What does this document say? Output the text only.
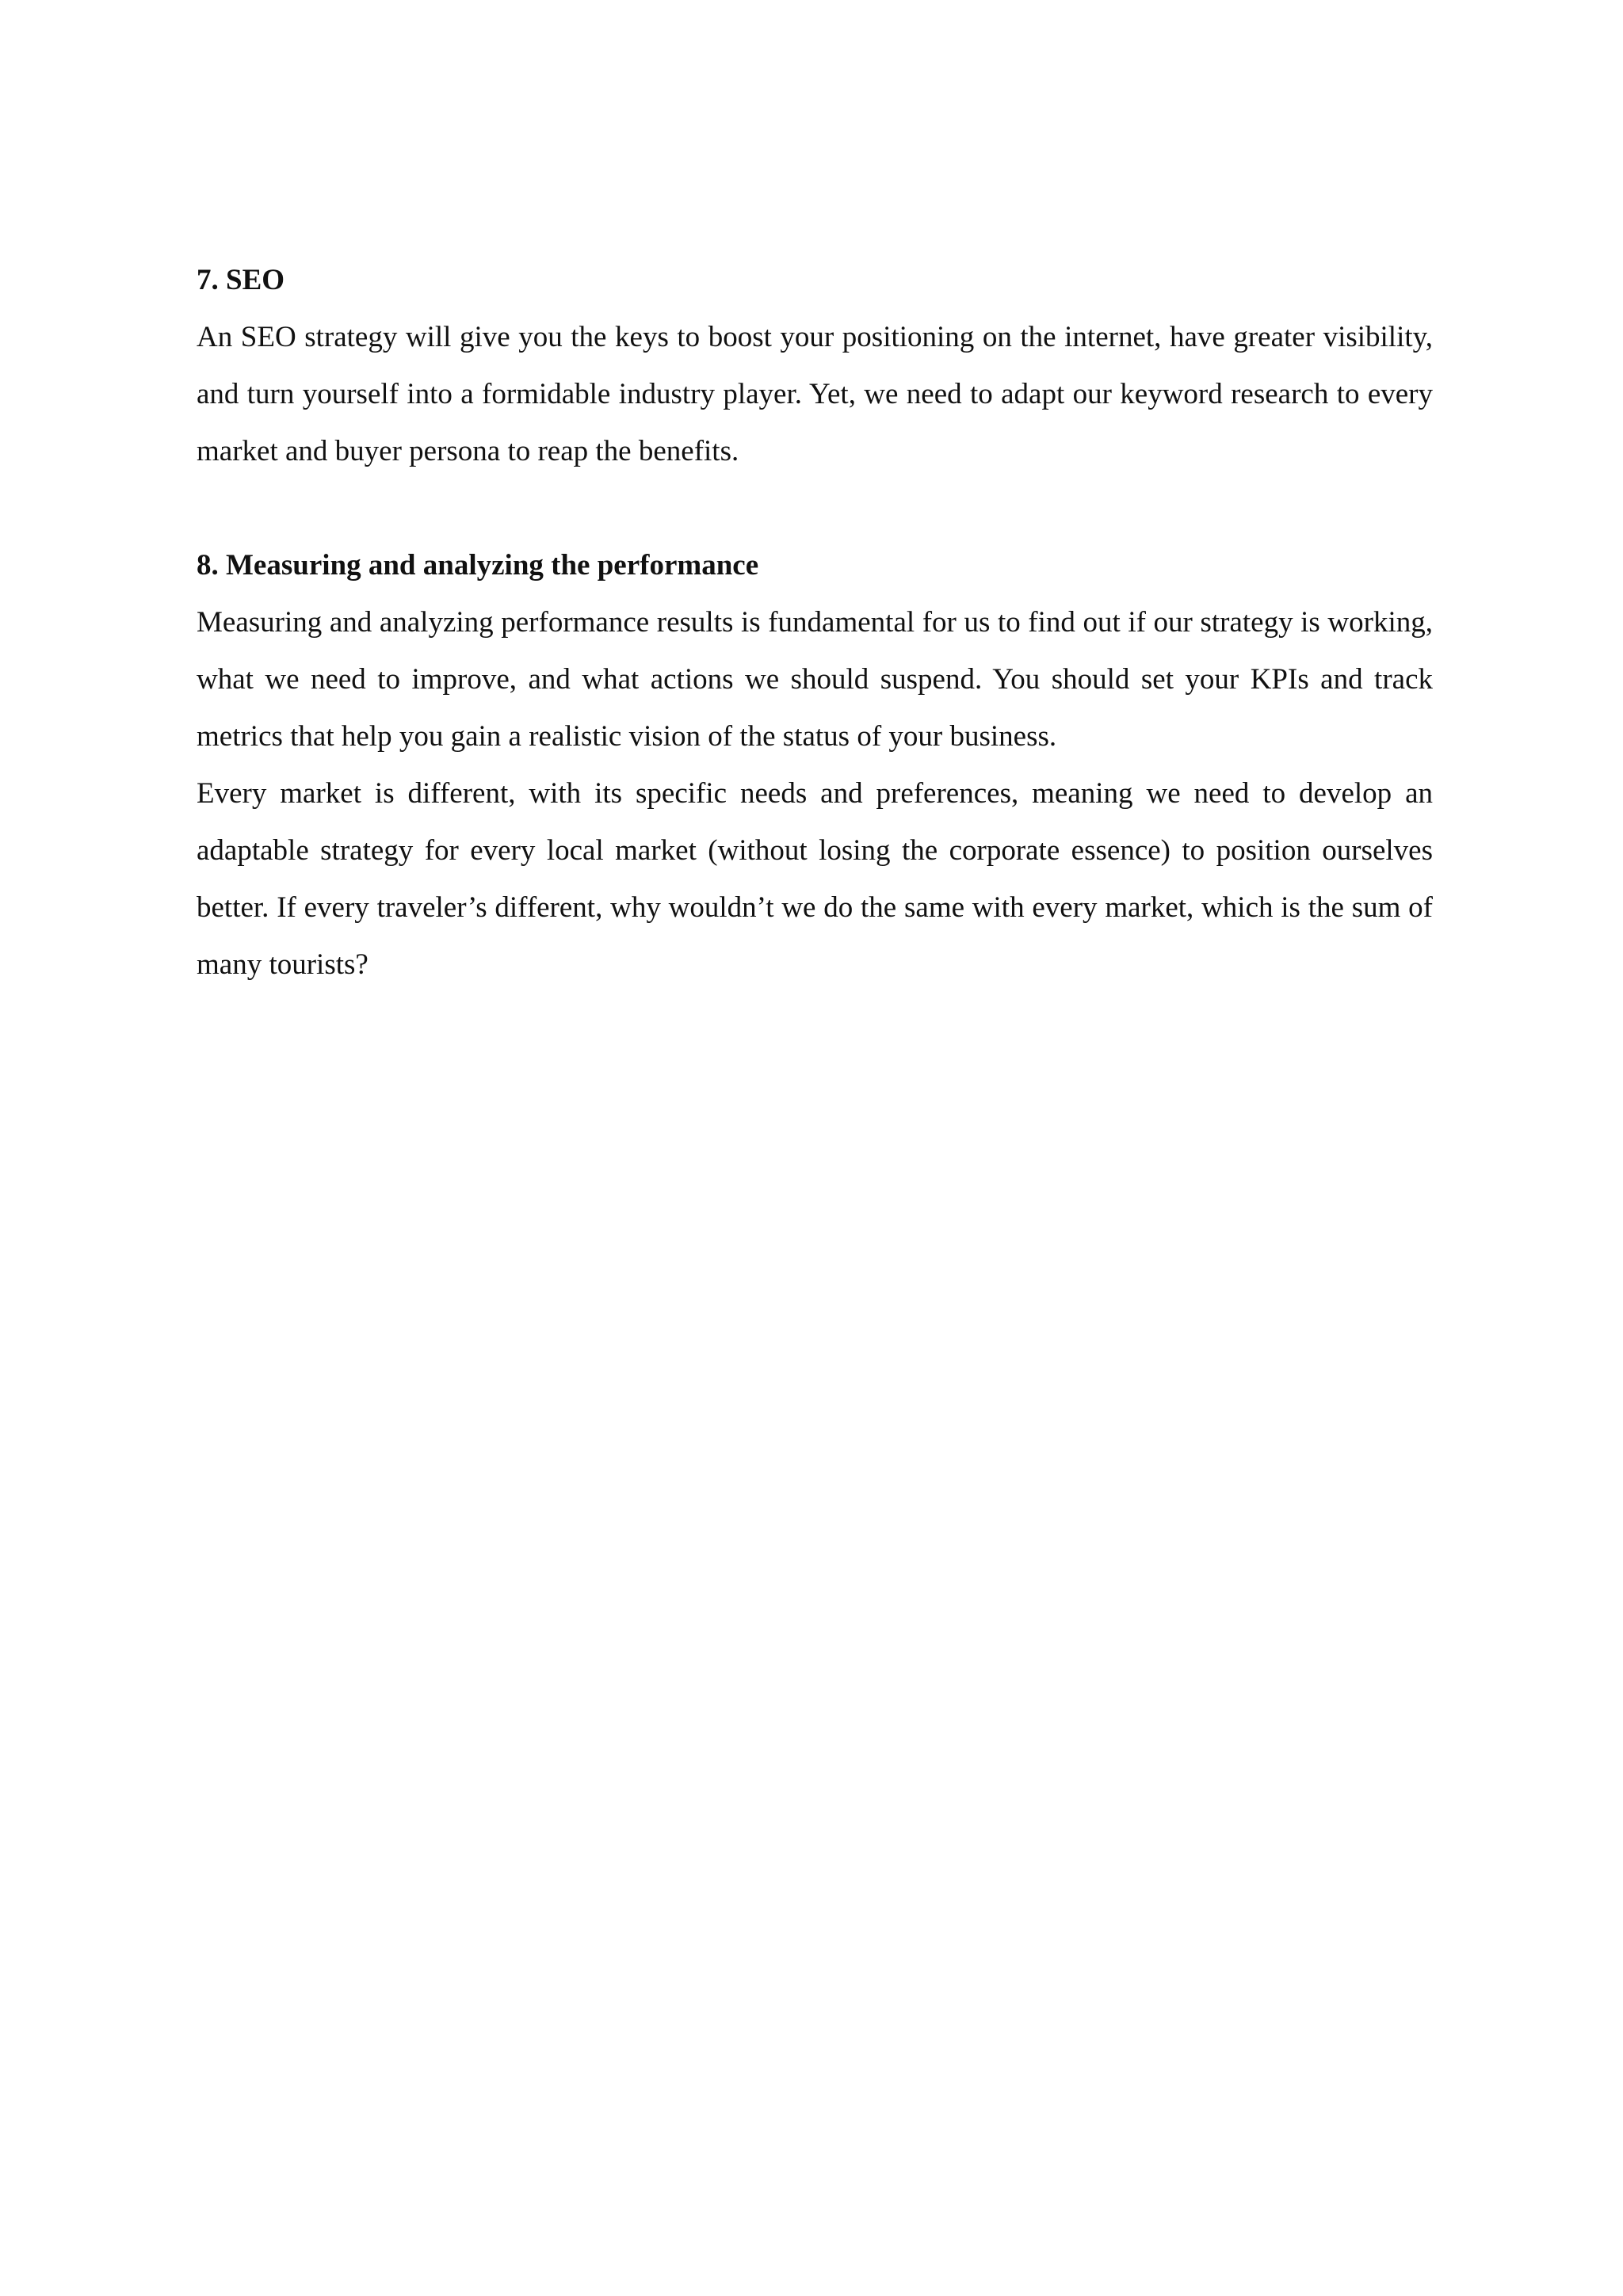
7. SEO

An SEO strategy will give you the keys to boost your positioning on the internet, have greater visibility, and turn yourself into a formidable industry player. Yet, we need to adapt our keyword research to every market and buyer persona to reap the benefits.

8. Measuring and analyzing the performance

Measuring and analyzing performance results is fundamental for us to find out if our strategy is working, what we need to improve, and what actions we should suspend. You should set your KPIs and track metrics that help you gain a realistic vision of the status of your business.

Every market is different, with its specific needs and preferences, meaning we need to develop an adaptable strategy for every local market (without losing the corporate essence) to position ourselves better. If every traveler’s different, why wouldn’t we do the same with every market, which is the sum of many tourists?
